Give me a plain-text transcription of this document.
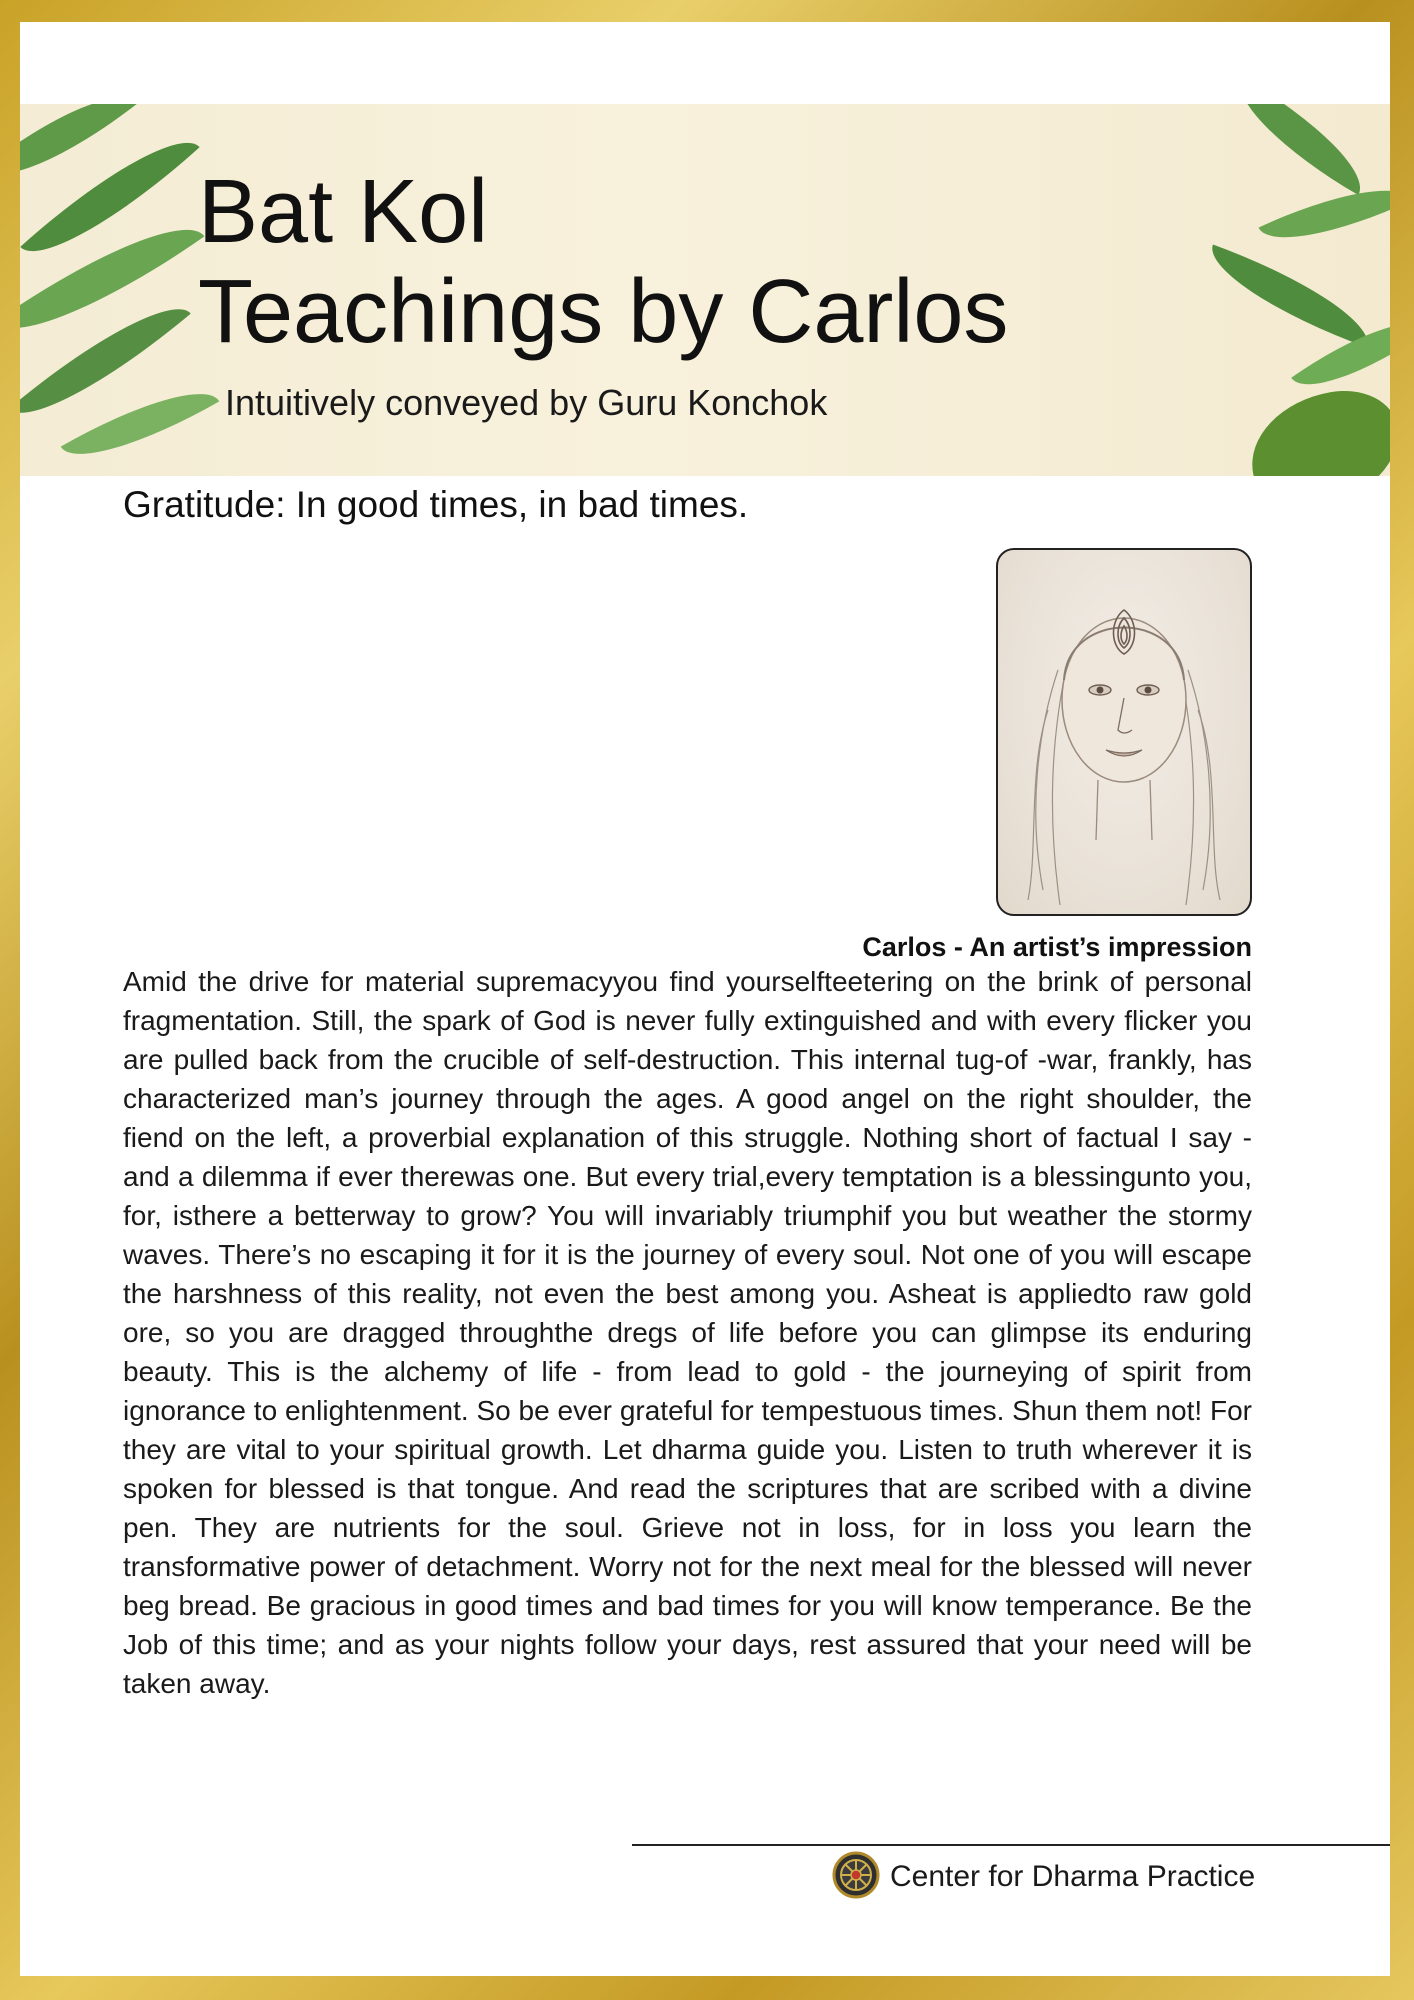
Bat Kol
Teachings by Carlos

Intuitively conveyed by Guru Konchok

Gratitude: In good times, in bad times.

Carlos - An artist’s impression

Amid the drive for material supremacyyou find yourselfteetering on the brink of personal fragmentation. Still, the spark of God is never fully extinguished and with every flicker you are pulled back from the crucible of self-destruction. This internal tug-of -war, frankly, has characterized man’s journey through the ages. A good angel on the right shoulder, the fiend on the left, a proverbial explanation of this struggle. Nothing short of factual I say - and a dilemma if ever therewas one. But every trial,every temptation is a blessingunto you, for, isthere a betterway to grow? You will invariably triumphif you but weather the stormy waves. There’s no escaping it for it is the journey of every soul. Not one of you will escape the harshness of this reality, not even the best among you. Asheat is appliedto raw gold ore, so you are dragged throughthe dregs of life before you can glimpse its enduring beauty. This is the alchemy of life - from lead to gold - the journeying of spirit from ignorance to enlightenment. So be ever grateful for tempestuous times. Shun them not! For they are vital to your spiritual growth. Let dharma guide you. Listen to truth wherever it is spoken for blessed is that tongue. And read the scriptures that are scribed with a divine pen. They are nutrients for the soul. Grieve not in loss, for in loss you learn the transformative power of detachment. Worry not for the next meal for the blessed will never beg bread. Be gracious in good times and bad times for you will know temperance. Be the Job of this time; and as your nights follow your days, rest assured that your need will be taken away.

Center for Dharma Practice
